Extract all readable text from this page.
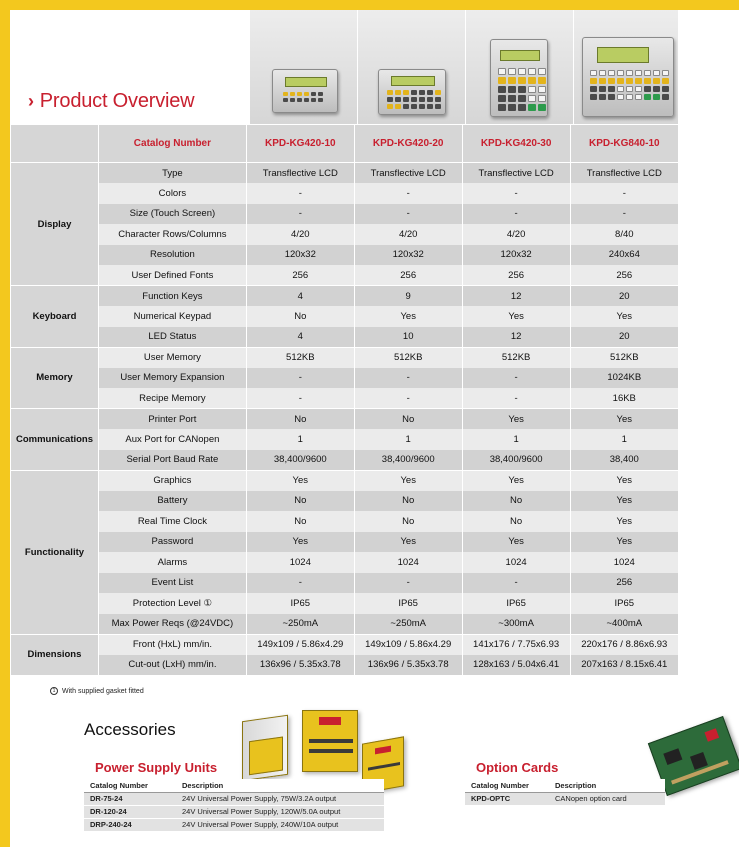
› Product Overview
	Catalog Number	KPD-KG420-10	KPD-KG420-20	KPD-KG420-30	KPD-KG840-10
Display	Type	Transflective LCD	Transflective LCD	Transflective LCD	Transflective LCD
	Colors	-	-	-	-
	Size (Touch Screen)	-	-	-	-
	Character Rows/Columns	4/20	4/20	4/20	8/40
	Resolution	120x32	120x32	120x32	240x64
	User Defined Fonts	256	256	256	256
Keyboard	Function Keys	4	9	12	20
	Numerical Keypad	No	Yes	Yes	Yes
	LED Status	4	10	12	20
Memory	User Memory	512KB	512KB	512KB	512KB
	User Memory Expansion	-	-	-	1024KB
	Recipe Memory	-	-	-	16KB
Communications	Printer Port	No	No	Yes	Yes
	Aux Port for CANopen	1	1	1	1
	Serial Port Baud Rate	38,400/9600	38,400/9600	38,400/9600	38,400
Functionality	Graphics	Yes	Yes	Yes	Yes
	Battery	No	No	No	Yes
	Real Time Clock	No	No	No	Yes
	Password	Yes	Yes	Yes	Yes
	Alarms	1024	1024	1024	1024
	Event List	-	-	-	256
	Protection Level ①	IP65	IP65	IP65	IP65
	Max Power Reqs (@24VDC)	~250mA	~250mA	~300mA	~400mA
Dimensions	Front (HxL) mm/in.	149x109 / 5.86x4.29	149x109 / 5.86x4.29	141x176 / 7.75x6.93	220x176 / 8.86x6.93
	Cut-out (LxH) mm/in.	136x96 / 5.35x3.78	136x96 / 5.35x3.78	128x163 / 5.04x6.41	207x163 / 8.15x6.41
1 With supplied gasket fitted
Accessories
Power Supply Units
Catalog Number	Description
DR-75-24	24V Universal Power Supply, 75W/3.2A output
DR-120-24	24V Universal Power Supply, 120W/5.0A output
DRP-240-24	24V Universal Power Supply, 240W/10A output
Option Cards
Catalog Number	Description
KPD-OPTC	CANopen option card
